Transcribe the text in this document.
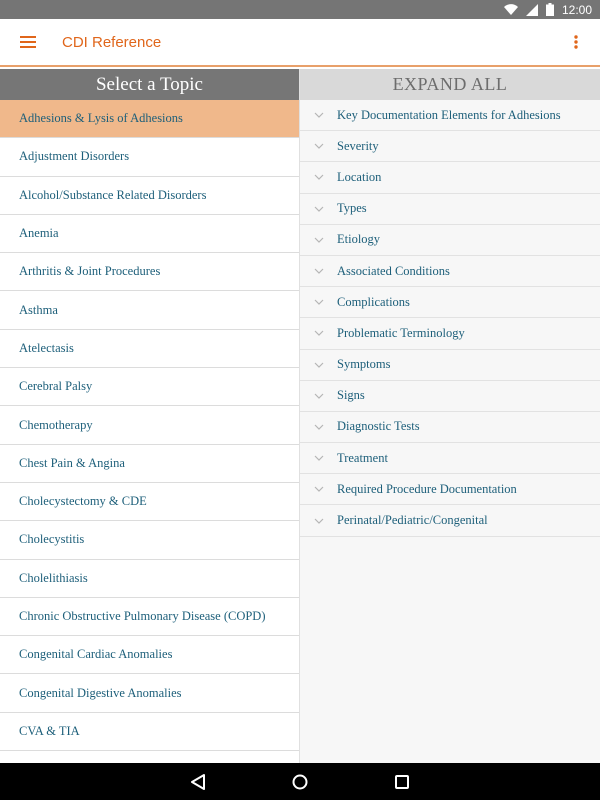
12:00
CDI Reference
Select a Topic
Adhesions & Lysis of Adhesions
Adjustment Disorders
Alcohol/Substance Related Disorders
Anemia
Arthritis & Joint Procedures
Asthma
Atelectasis
Cerebral Palsy
Chemotherapy
Chest Pain & Angina
Cholecystectomy & CDE
Cholecystitis
Cholelithiasis
Chronic Obstructive Pulmonary Disease (COPD)
Congenital Cardiac Anomalies
Congenital Digestive Anomalies
CVA & TIA
EXPAND ALL
Key Documentation Elements for Adhesions
Severity
Location
Types
Etiology
Associated Conditions
Complications
Problematic Terminology
Symptoms
Signs
Diagnostic Tests
Treatment
Required Procedure Documentation
Perinatal/Pediatric/Congenital
